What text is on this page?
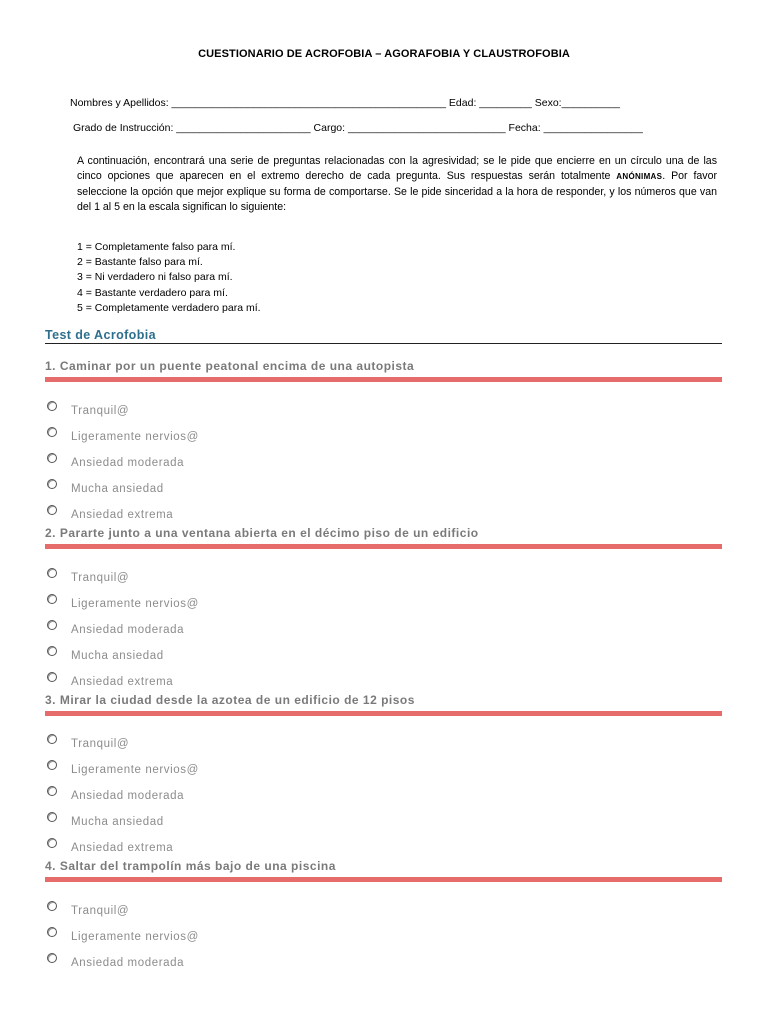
CUESTIONARIO DE ACROFOBIA – AGORAFOBIA Y CLAUSTROFOBIA
Nombres y Apellidos: _______________________________________________ Edad: _________ Sexo:__________
Grado de Instrucción: _______________________ Cargo: ___________________________ Fecha: _________________
A continuación, encontrará una serie de preguntas relacionadas con la agresividad; se le pide que encierre en un círculo una de las cinco opciones que aparecen en el extremo derecho de cada pregunta. Sus respuestas serán totalmente ANÓNIMAS. Por favor seleccione la opción que mejor explique su forma de comportarse. Se le pide sinceridad a la hora de responder, y los números que van del 1 al 5 en la escala significan lo siguiente:
1 = Completamente falso para mí.
2 = Bastante falso para mí.
3 = Ni verdadero ni falso para mí.
4 = Bastante verdadero para mí.
5 = Completamente verdadero para mí.
Test de Acrofobia
1. Caminar por un puente peatonal encima de una autopista
Tranquil@
Ligeramente nervios@
Ansiedad moderada
Mucha ansiedad
Ansiedad extrema
2. Pararte junto a una ventana abierta en el décimo piso de un edificio
Tranquil@
Ligeramente nervios@
Ansiedad moderada
Mucha ansiedad
Ansiedad extrema
3. Mirar la ciudad desde la azotea de un edificio de 12 pisos
Tranquil@
Ligeramente nervios@
Ansiedad moderada
Mucha ansiedad
Ansiedad extrema
4. Saltar del trampolín más bajo de una piscina
Tranquil@
Ligeramente nervios@
Ansiedad moderada
